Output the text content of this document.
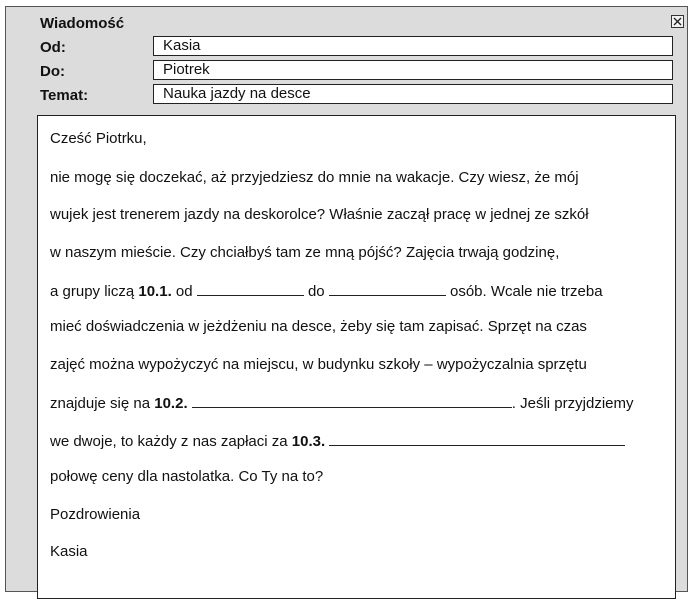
Wiadomość
Od:	Kasia
Do:	Piotrek
Temat:	Nauka jazdy na desce
Cześć Piotrku,
nie mogę się doczekać, aż przyjedziesz do mnie na wakacje. Czy wiesz, że mój
wujek jest trenerem jazdy na deskorolce? Właśnie zaczął pracę w jednej ze szkół
w naszym mieście. Czy chciałbyś tam ze mną pójść? Zajęcia trwają godzinę,
a grupy liczą 10.1. od	do	osób. Wcale nie trzeba
mieć doświadczenia w jeżdżeniu na desce, żeby się tam zapisać. Sprzęt na czas
zajęć można wypożyczyć na miejscu, w budynku szkoły – wypożyczalnia sprzętu
znajduje się na 10.2.	. Jeśli przyjdziemy
we dwoje, to każdy z nas zapłaci za 10.3.
połowę ceny dla nastolatka. Co Ty na to?
Pozdrowienia
Kasia
